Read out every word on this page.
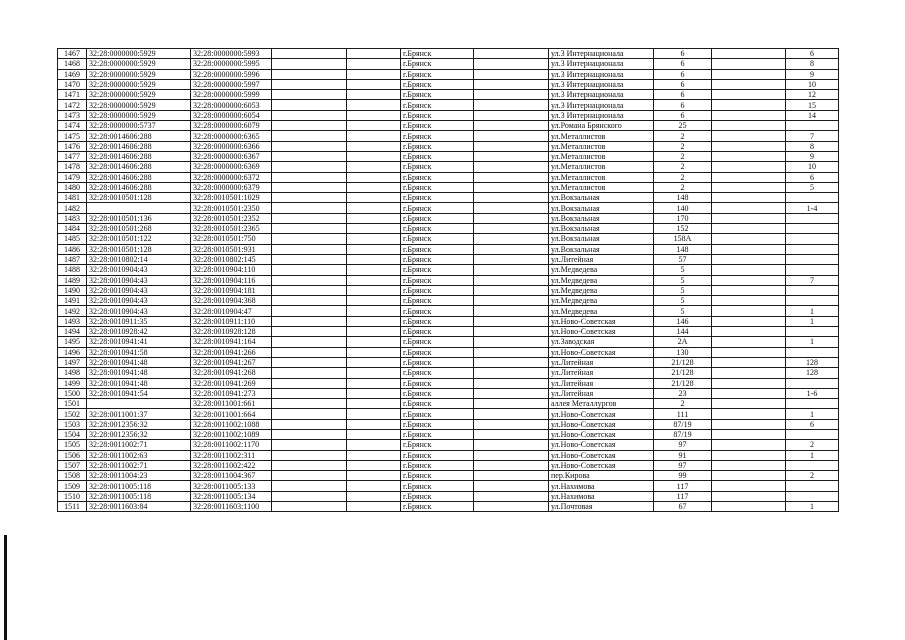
1467	32:28:0000000:5929	32:28:0000000:5993			г.Брянск		ул.3 Интернационала	6		6
1468	32:28:0000000:5929	32:28:0000000:5995			г.Брянск		ул.3 Интернационала	6		8
1469	32:28:0000000:5929	32:28:0000000:5996			г.Брянск		ул.3 Интернационала	6		9
1470	32:28:0000000:5929	32:28:0000000:5997			г.Брянск		ул.3 Интернационала	6		10
1471	32:28:0000000:5929	32:28:0000000:5999			г.Брянск		ул.3 Интернационала	6		12
1472	32:28:0000000:5929	32:28:0000000:6053			г.Брянск		ул.3 Интернационала	6		15
1473	32:28:0000000:5929	32:28:0000000:6054			г.Брянск		ул.3 Интернационала	6		14
1474	32:28:0000000:5737	32:28:0000000:6079			г.Брянск		ул.Романа Брянского	25		
1475	32:28:0014606:288	32:28:0000000:6365			г.Брянск		ул.Металлистов	2		7
1476	32:28:0014606:288	32:28:0000000:6366			г.Брянск		ул.Металлистов	2		8
1477	32:28:0014606:288	32:28:0000000:6367			г.Брянск		ул.Металлистов	2		9
1478	32:28:0014606:288	32:28:0000000:6369			г.Брянск		ул.Металлистов	2		10
1479	32:28:0014606:288	32:28:0000000:6372			г.Брянск		ул.Металлистов	2		6
1480	32:28:0014606:288	32:28:0000000:6379			г.Брянск		ул.Металлистов	2		5
1481	32:28:0010501:128	32:28:0010501:1029			г.Брянск		ул.Вокзальная	148		
1482		32:28:0010501:2350			г.Брянск		ул.Вокзальная	140		1-4
1483	32:28:0010501:136	32:28:0010501:2352			г.Брянск		ул.Вокзальная	170		
1484	32:28:0010501:268	32:28:0010501:2365			г.Брянск		ул.Вокзальная	152		
1485	32:28:0010501:122	32:28:0010501:750			г.Брянск		ул.Вокзальная	158А		
1486	32:28:0010501:128	32:28:0010501:931			г.Брянск		ул.Вокзальная	148		
1487	32:28:0010802:14	32:28:0010802:145			г.Брянск		ул.Литейная	57		
1488	32:28:0010904:43	32:28:0010904:110			г.Брянск		ул.Медведева	5		
1489	32:28:0010904:43	32:28:0010904:116			г.Брянск		ул.Медведева	5		7
1490	32:28:0010904:43	32:28:0010904:181			г.Брянск		ул.Медведева	5		
1491	32:28:0010904:43	32:28:0010904:368			г.Брянск		ул.Медведева	5		
1492	32:28:0010904:43	32:28:0010904:47			г.Брянск		ул.Медведева	5		1
1493	32:28:0010911:35	32:28:0010911:110			г.Брянск		ул.Ново-Советская	146		1
1494	32:28:0010928:42	32:28:0010928:128			г.Брянск		ул.Ново-Советская	144		
1495	32:28:0010941:41	32:28:0010941:164			г.Брянск		ул.Заводская	2А		1
1496	32:28:0010941:58	32:28:0010941:266			г.Брянск		ул.Ново-Советская	130		
1497	32:28:0010941:48	32:28:0010941:267			г.Брянск		ул.Литейная	21/128		128
1498	32:28:0010941:48	32:28:0010941:268			г.Брянск		ул.Литейная	21/128		128
1499	32:28:0010941:48	32:28:0010941:269			г.Брянск		ул.Литейная	21/128		
1500	32:28:0010941:54	32:28:0010941:273			г.Брянск		ул.Литейная	23		1-6
1501		32:28:0011001:661			г.Брянск		аллея Металлургов	2		
1502	32:28:0011001:37	32:28:0011001:664			г.Брянск		ул.Ново-Советская	111		1
1503	32:28:0012356:32	32:28:0011002:1088			г.Брянск		ул.Ново-Советская	87/19		6
1504	32:28:0012356:32	32:28:0011002:1089			г.Брянск		ул.Ново-Советская	87/19		
1505	32:28:0011002:71	32:28:0011002:1170			г.Брянск		ул.Ново-Советская	97		2
1506	32:28:0011002:63	32:28:0011002:311			г.Брянск		ул.Ново-Советская	91		1
1507	32:28:0011002:71	32:28:0011002:422			г.Брянск		ул.Ново-Советская	97		
1508	32:28:0011004:23	32:28:0011004:367			г.Брянск		пер.Кирова	99		2
1509	32:28:0011005:118	32:28:0011005:133			г.Брянск		ул.Нахимова	117		
1510	32:28:0011005:118	32:28:0011005:134			г.Брянск		ул.Нахимова	117		
1511	32:28:0011603:84	32:28:0011603:1100			г.Брянск		ул.Почтовая	67		1
